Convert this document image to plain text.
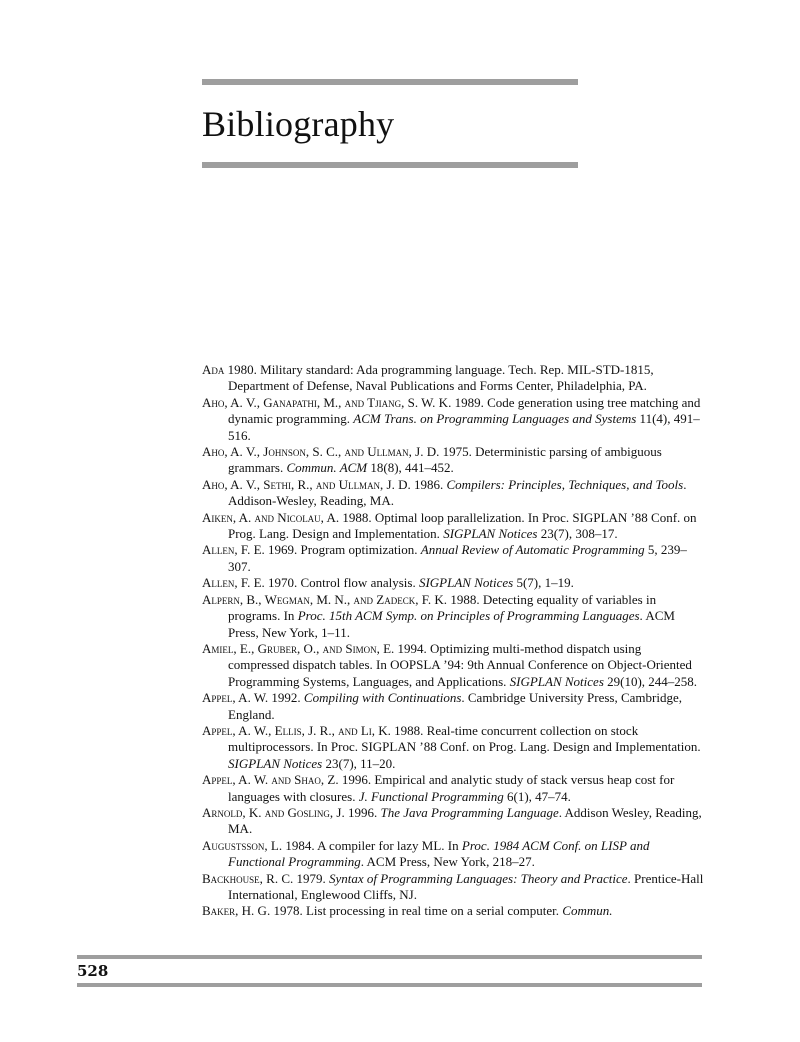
Bibliography

Ada 1980. Military standard: Ada programming language. Tech. Rep. MIL-STD-1815, Department of Defense, Naval Publications and Forms Center, Philadelphia, PA.

Aho, A. V., Ganapathi, M., and Tjiang, S. W. K. 1989. Code generation using tree matching and dynamic programming. ACM Trans. on Programming Languages and Systems 11(4), 491–516.

Aho, A. V., Johnson, S. C., and Ullman, J. D. 1975. Deterministic parsing of ambiguous grammars. Commun. ACM 18(8), 441–452.

Aho, A. V., Sethi, R., and Ullman, J. D. 1986. Compilers: Principles, Techniques, and Tools. Addison-Wesley, Reading, MA.

Aiken, A. and Nicolau, A. 1988. Optimal loop parallelization. In Proc. SIGPLAN ’88 Conf. on Prog. Lang. Design and Implementation. SIGPLAN Notices 23(7), 308–17.

Allen, F. E. 1969. Program optimization. Annual Review of Automatic Programming 5, 239–307.

Allen, F. E. 1970. Control flow analysis. SIGPLAN Notices 5(7), 1–19.

Alpern, B., Wegman, M. N., and Zadeck, F. K. 1988. Detecting equality of variables in programs. In Proc. 15th ACM Symp. on Principles of Programming Languages. ACM Press, New York, 1–11.

Amiel, E., Gruber, O., and Simon, E. 1994. Optimizing multi-method dispatch using compressed dispatch tables. In OOPSLA ’94: 9th Annual Conference on Object-Oriented Programming Systems, Languages, and Applications. SIGPLAN Notices 29(10), 244–258.

Appel, A. W. 1992. Compiling with Continuations. Cambridge University Press, Cambridge, England.

Appel, A. W., Ellis, J. R., and Li, K. 1988. Real-time concurrent collection on stock multiprocessors. In Proc. SIGPLAN ’88 Conf. on Prog. Lang. Design and Implementation. SIGPLAN Notices 23(7), 11–20.

Appel, A. W. and Shao, Z. 1996. Empirical and analytic study of stack versus heap cost for languages with closures. J. Functional Programming 6(1), 47–74.

Arnold, K. and Gosling, J. 1996. The Java Programming Language. Addison Wesley, Reading, MA.

Augustsson, L. 1984. A compiler for lazy ML. In Proc. 1984 ACM Conf. on LISP and Functional Programming. ACM Press, New York, 218–27.

Backhouse, R. C. 1979. Syntax of Programming Languages: Theory and Practice. Prentice-Hall International, Englewood Cliffs, NJ.

Baker, H. G. 1978. List processing in real time on a serial computer. Commun.

528
